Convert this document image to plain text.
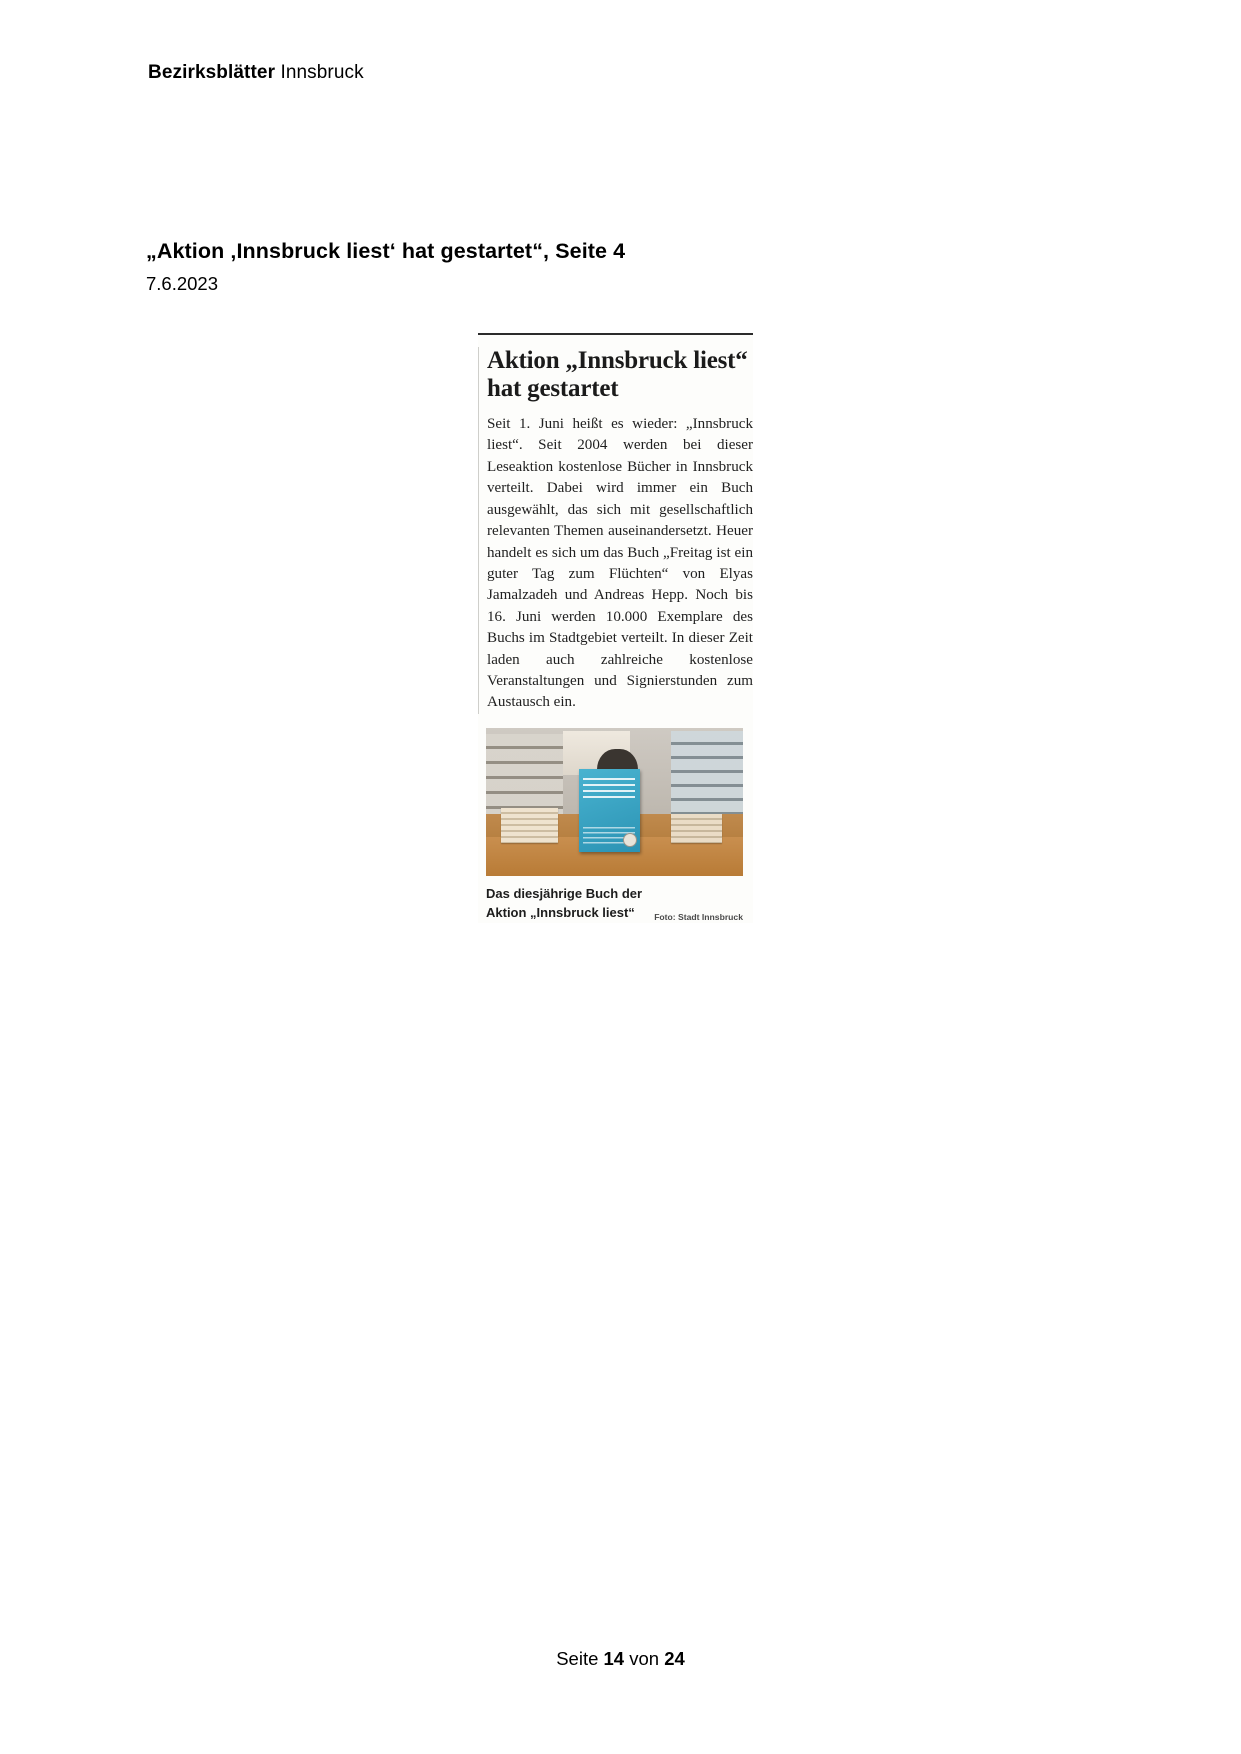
Bezirksblätter Innsbruck
„Aktion ‚Innsbruck liest‘ hat gestartet“, Seite 4

7.6.2023

Aktion „Innsbruck liest“ hat gestartet

Seit 1. Juni heißt es wieder: „Innsbruck liest“. Seit 2004 werden bei dieser Leseaktion kostenlose Bücher in Innsbruck verteilt. Dabei wird immer ein Buch ausgewählt, das sich mit gesellschaftlich relevanten Themen auseinandersetzt. Heuer handelt es sich um das Buch „Freitag ist ein guter Tag zum Flüchten“ von Elyas Jamalzadeh und Andreas Hepp. Noch bis 16. Juni werden 10.000 Exemplare des Buchs im Stadtgebiet verteilt. In dieser Zeit laden auch zahlreiche kostenlose Veranstaltungen und Signierstunden zum Austausch ein.

Das diesjährige Buch der Aktion „Innsbruck liest“	Foto: Stadt Innsbruck
Seite 14 von 24
